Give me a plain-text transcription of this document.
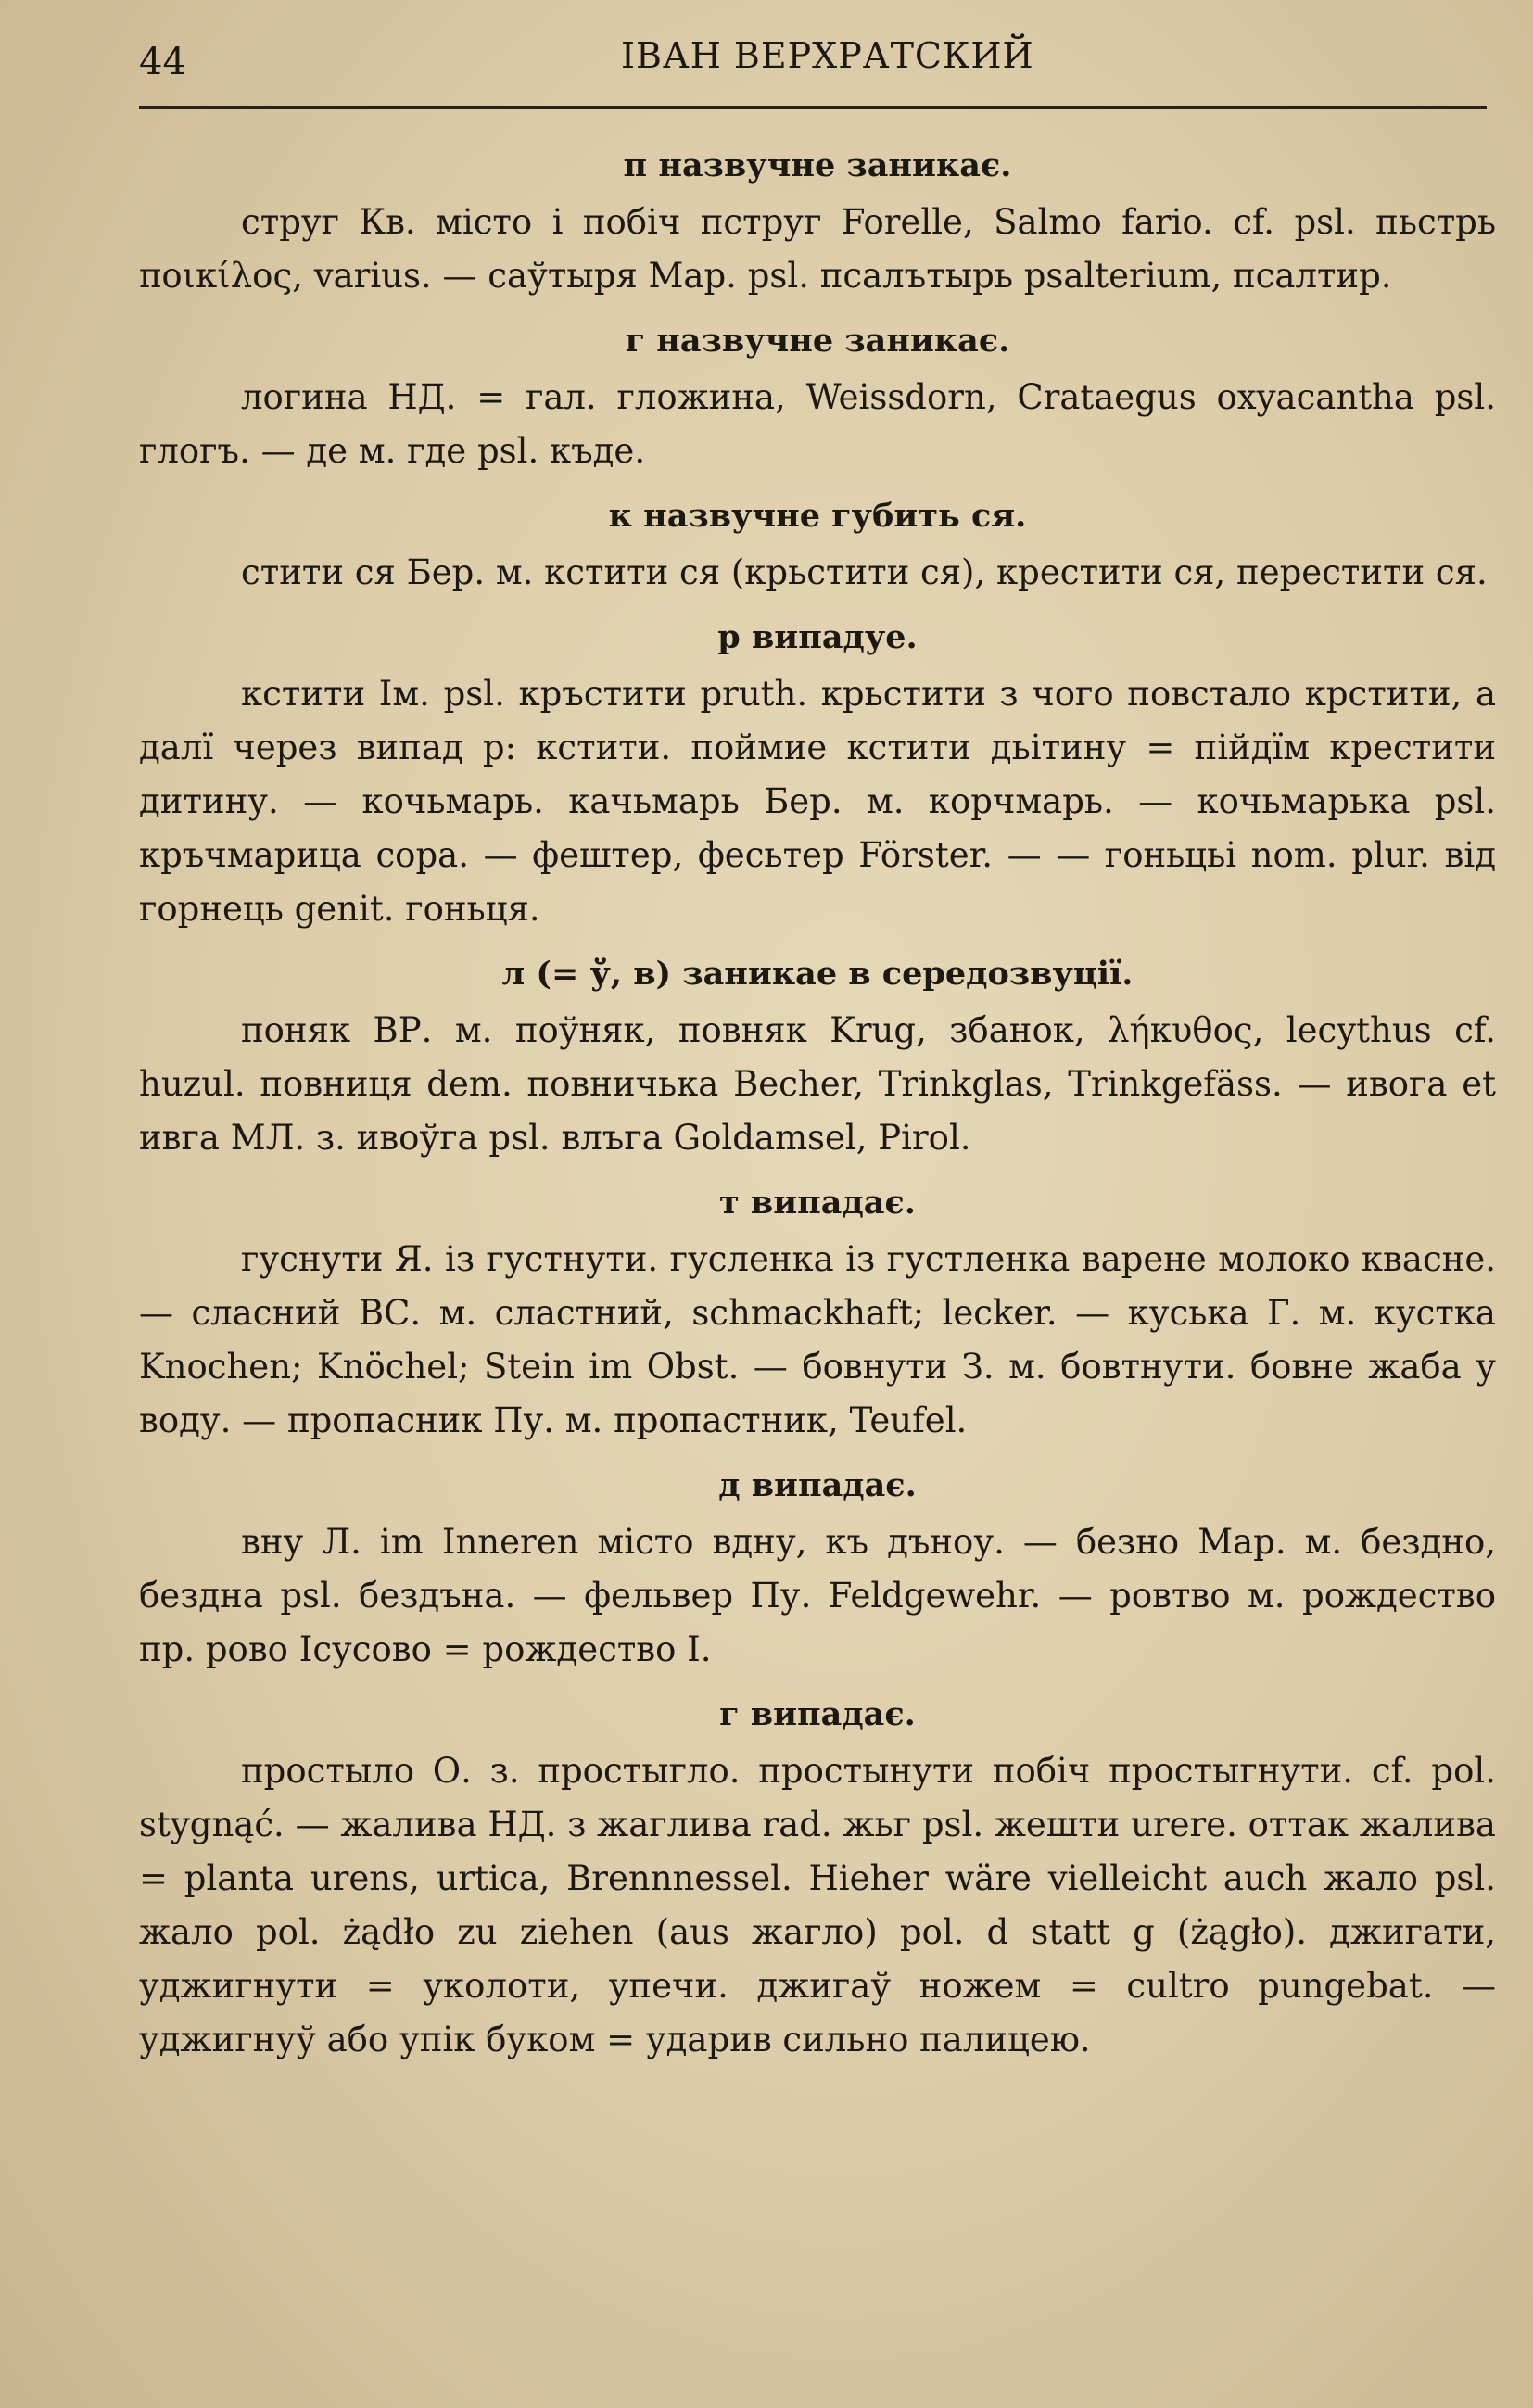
44	ІВАН ВЕРХРАТСКИЙ
п назвучне заникає.

струг Кв. місто і побіч пструг Forelle, Salmo fario. cf. psl. пьстрь ποικίλος, varius. — саўтыря Мар. psl. псалътырь psalterium, псалтир.

г назвучне заникає.

логина НД. = гал. гложина, Weissdorn, Crataegus oxyacantha psl. глогъ. — де м. где psl. къде.

к назвучне губить ся.

стити ся Бер. м. кстити ся (крьстити ся), крестити ся, перестити ся.

р випадуе.

кстити Ім. psl. кръстити pruth. крьстити з чого повстало крстити, а далї через випад р: кстити. поймие кстити дьітину = пійдїм крестити дитину. — кочьмарь. качьмарь Бер. м. корчмарь. — кочьмарька psl. кръчмарица сора. — фештер, фесьтер Förster. — — гоньцьі nom. plur. від горнець genit. гоньця.

л (= ў, в) заникае в середозвуції.

поняк ВР. м. поўняк, повняк Krug, збанок, λήκυθος, lecythus cf. huzul. повниця dem. повничька Becher, Trinkglas, Trinkgefäss. — ивога et ивга МЛ. з. ивоўга psl. влъга Goldamsel, Pirol.

т випадає.

гуснути Я. із густнути. гусленка із густленка варене молоко квасне. — сласний ВС. м. сластний, schmackhaft; lecker. — куська Г. м. кустка Knochen; Knöchel; Stein im Obst. — бовнути З. м. бовтнути. бовне жаба у воду. — пропасник Пу. м. пропастник, Teufel.

д випадає.

вну Л. im Inneren місто вдну, къ дъноу. — безно Мар. м. бездно, бездна psl. бездъна. — фельвер Пу. Feldgewehr. — ровтво м. рождество пр. рово Ісусово = рождество І.

г випадає.

простыло О. з. простыгло. простынути побіч простыгнути. cf. pol. stygnąć. — жалива НД. з жаглива rad. жьг psl. жешти urere. оттак жалива = planta urens, urtica, Brennnessel. Hieher wäre vielleicht auch жало psl. жало pol. żądło zu ziehen (aus жагло) pol. d statt g (żągło). джигати, уджигнути = уколоти, упечи. джигаў ножем = cultro pungebat. — уджигнуў або упік буком = ударив сильно палицею.
